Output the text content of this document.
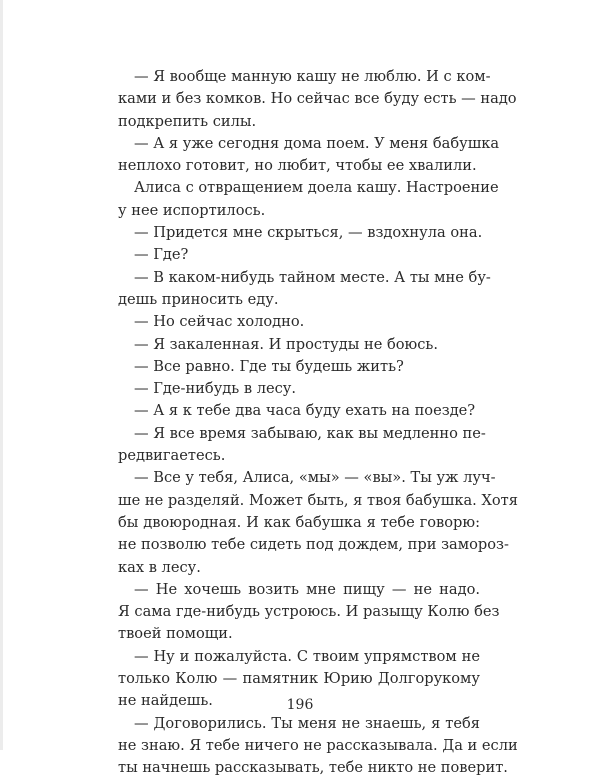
— Я вообще манную кашу не люблю. И с ком-
ками и без комков. Но сейчас все буду есть — надо
подкрепить силы.
— А я уже сегодня дома поем. У меня бабушка
неплохо готовит, но любит, чтобы ее хвалили.
Алиса с отвращением доела кашу. Настроение
у нее испортилось.
— Придется мне скрыться, — вздохнула она.
— Где?
— В каком-нибудь тайном месте. А ты мне бу-
дешь приносить еду.
— Но сейчас холодно.
— Я закаленная. И простуды не боюсь.
— Все равно. Где ты будешь жить?
— Где-нибудь в лесу.
— А я к тебе два часа буду ехать на поезде?
— Я все время забываю, как вы медленно пе-
редвигаетесь.
— Все у тебя, Алиса, «мы» — «вы». Ты уж луч-
ше не разделяй. Может быть, я твоя бабушка. Хотя
бы двоюродная. И как бабушка я тебе говорю:
не позволю тебе сидеть под дождем, при замороз-
ках в лесу.
— Не хочешь возить мне пищу — не надо.
Я сама где-нибудь устроюсь. И разыщу Колю без
твоей помощи.
— Ну и пожалуйста. С твоим упрямством не
только Колю — памятник Юрию Долгорукому
не найдешь.
— Договорились. Ты меня не знаешь, я тебя
не знаю. Я тебе ничего не рассказывала. Да и если
ты начнешь рассказывать, тебе никто не поверит.
196
